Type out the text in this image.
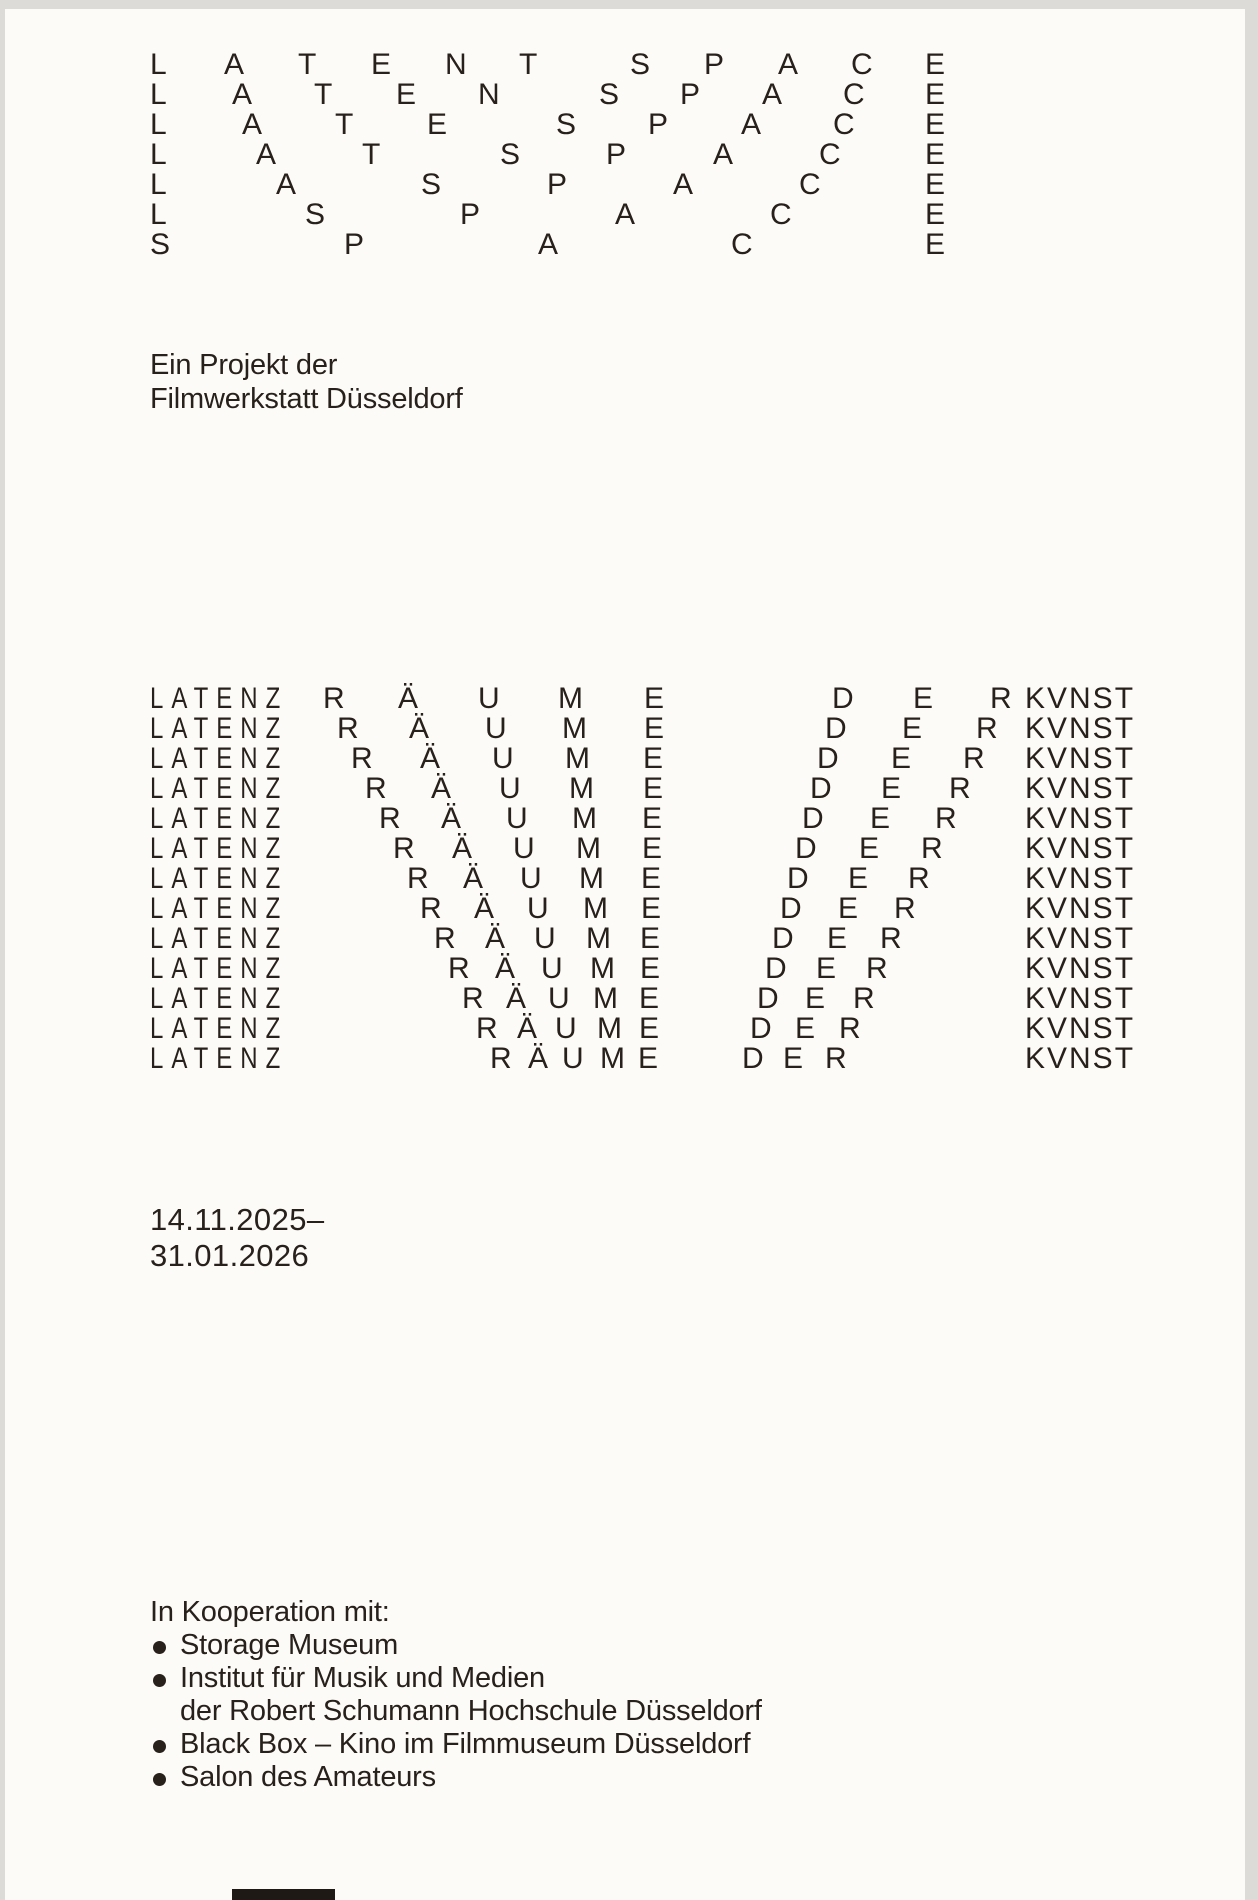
L A T E N T	S P A C E
L A T E N	S P A C E
L	A T E	S P A C E
L	A	T	S	P	A	C	E
L	A	S	P	A	C	E
L	S	P	A	C	E
S	P	A	C	E
Ein Projekt der
Filmwerkstatt Düsseldorf
LATENZ	R Ä U M E	D E R KVNST
LATENZ	R Ä U M E	D E R KVNST
LATENZ	R Ä U M E	D E R KVNST
LATENZ	R Ä U M E	D E R KVNST
LATENZ	R Ä U M E	D E R KVNST
LATENZ	R Ä U M E	D E R	KVNST
LATENZ	R Ä U M E	D E R	KVNST
LATENZ	R Ä U M E	D E R	KVNST
LATENZ	R Ä U M E	D E R	KVNST
LATENZ	R Ä U M E	D E R	KVNST
LATENZ	R Ä U M E	D E R	KVNST
LATENZ	R Ä U M E	D E R	KVNST
LATENZ	R Ä U M E	D E R	KVNST
14.11.2025–
31.01.2026
In Kooperation mit:
Storage Museum
Institut für Musik und Medien
der Robert Schumann Hochschule Düsseldorf
Black Box – Kino im Filmmuseum Düsseldorf
Salon des Amateurs
